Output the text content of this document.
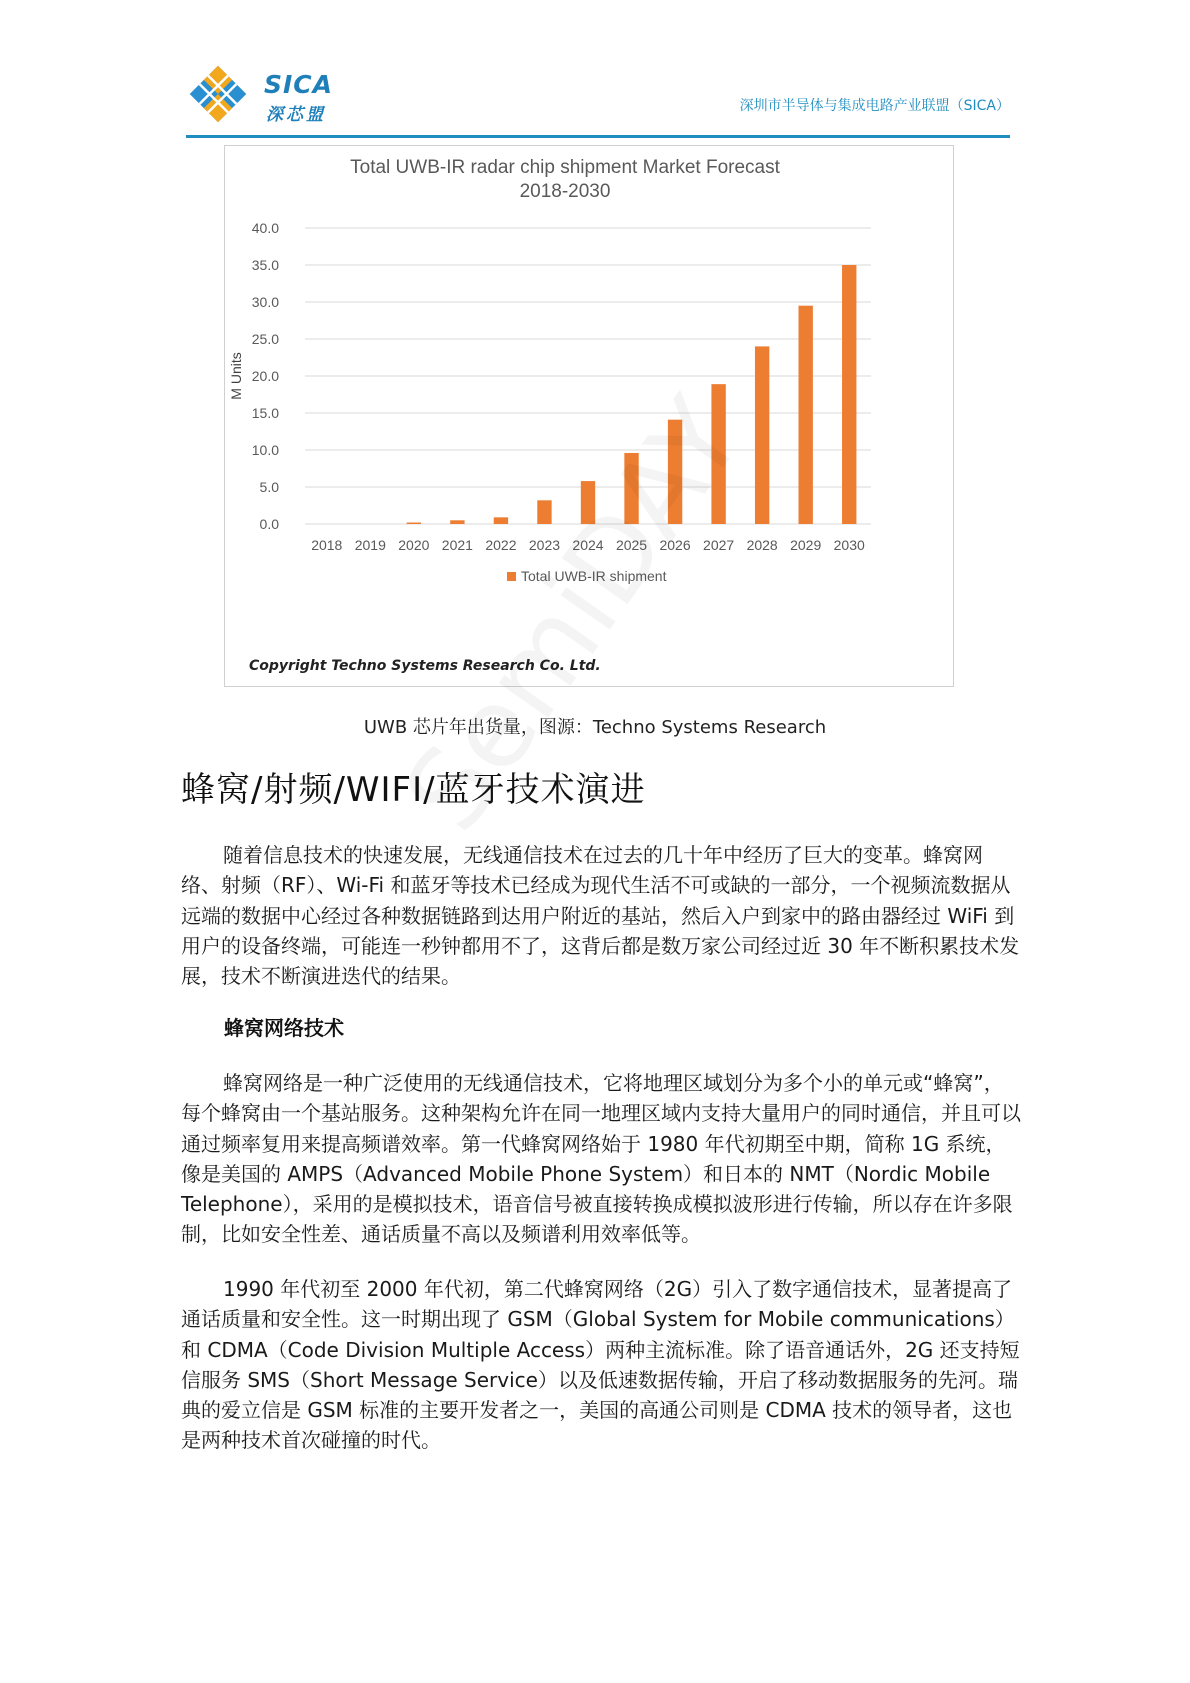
SICA
深芯盟	深圳市半导体与集成电路产业联盟（SICA）
Total UWB-IR radar chip shipment Market Forecast
2018-2030
0.0
5.0
10.0
15.0
20.0
25.0
30.0
35.0
40.0
M Units
2018 2019 2020 2021 2022 2023 2024 2025 2026 2027 2028 2029 2030
Total UWB-IR shipment
Copyright Techno Systems Research Co. Ltd.
UWB 芯片年出货量，图源：Techno Systems Research
蜂窝/射频/WIFI/蓝牙技术演进

随着信息技术的快速发展，无线通信技术在过去的几十年中经历了巨大的变革。蜂窝网络、射频（RF）、Wi-Fi 和蓝牙等技术已经成为现代生活不可或缺的一部分，一个视频流数据从远端的数据中心经过各种数据链路到达用户附近的基站，然后入户到家中的路由器经过 WiFi 到用户的设备终端，可能连一秒钟都用不了，这背后都是数万家公司经过近 30 年不断积累技术发展，技术不断演进迭代的结果。

蜂窝网络技术

蜂窝网络是一种广泛使用的无线通信技术，它将地理区域划分为多个小的单元或“蜂窝”，每个蜂窝由一个基站服务。这种架构允许在同一地理区域内支持大量用户的同时通信，并且可以通过频率复用来提高频谱效率。第一代蜂窝网络始于 1980 年代初期至中期，简称 1G 系统，像是美国的 AMPS（Advanced Mobile Phone System）和日本的 NMT（Nordic Mobile Telephone），采用的是模拟技术，语音信号被直接转换成模拟波形进行传输，所以存在许多限制，比如安全性差、通话质量不高以及频谱利用效率低等。

1990 年代初至 2000 年代初，第二代蜂窝网络（2G）引入了数字通信技术，显著提高了通话质量和安全性。这一时期出现了 GSM（Global System for Mobile communications）和 CDMA（Code Division Multiple Access）两种主流标准。除了语音通话外，2G 还支持短信服务 SMS（Short Message Service）以及低速数据传输，开启了移动数据服务的先河。瑞典的爱立信是 GSM 标准的主要开发者之一，美国的高通公司则是 CDMA 技术的领导者，这也是两种技术首次碰撞的时代。
